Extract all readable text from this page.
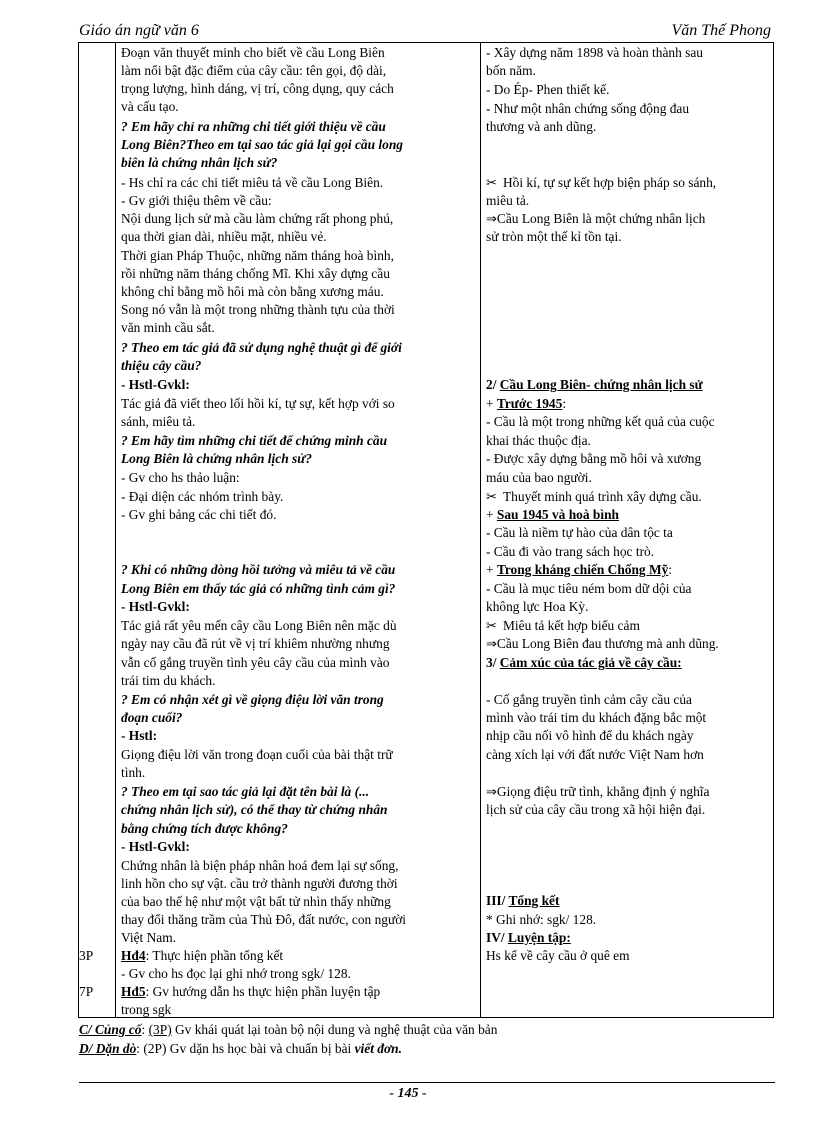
Giáo án ngữ văn 6	Văn Thế Phong
3P
7P
Đoạn văn thuyết minh cho biết về cầu Long Biên
làm nổi bật đặc điểm của cây cầu: tên gọi, độ dài,
trọng lượng, hình dáng, vị trí, công dụng, quy cách
và cấu tạo.
? Em hãy chỉ ra những chi tiết giới thiệu về cầu
Long Biên?Theo em tại sao tác giả lại gọi cầu long
biên là chứng nhân lịch sử?
- Hs chỉ ra các chi tiết miêu tả về cầu Long Biên.
- Gv giới thiệu thêm về cầu:
Nội dung lịch sử mà cầu làm chứng rất phong phú,
qua thời gian dài, nhiều mặt, nhiều vẻ.
Thời gian Pháp Thuộc, những năm tháng hoà bình,
rồi những năm tháng chống Mĩ. Khi xây dựng cầu
không chỉ bằng mồ hôi mà còn bằng xương máu.
Song nó vẫn là một trong những thành tựu của thời
văn minh cầu sắt.
? Theo em tác giả đã sử dụng nghệ thuật gì để giới
thiệu cây cầu?
- Hstl-Gvkl:
Tác giả đã viết theo lối hồi kí, tự sự, kết hợp với so
sánh, miêu tả.
? Em hãy tìm những chi tiết để chứng minh cầu
Long Biên là chứng nhân lịch sử?
- Gv cho hs thảo luận:
- Đại diện các nhóm trình bày.
- Gv ghi bảng các chi tiết đó.
? Khi có những dòng hồi tưởng và miêu tả về cầu
Long Biên em thấy tác giả có những tình cảm gì?
- Hstl-Gvkl:
Tác giả rất yêu mến cây cầu Long Biên nên mặc dù
ngày nay cầu đã rút về vị trí khiêm nhường nhưng
vẫn cố gắng truyền tình yêu cây cầu của mình vào
trái tim du khách.
? Em có nhận xét gì về giọng điệu lời văn trong
đoạn cuối?
- Hstl:
Giọng điệu lời văn trong đoạn cuối của bài thật trữ
tình.
? Theo em tại sao tác giả lại đặt tên bài là (...
chứng nhân lịch sử), có thể thay từ chứng nhân
bằng chứng tích được không?
- Hstl-Gvkl:
Chứng nhân là biện pháp nhân hoá đem lại sự sống,
linh hồn cho sự vật. cầu trở thành người đương thời
của bao thế hệ như một vật bất tử nhìn thấy những
thay đổi thăng trầm của Thủ Đô, đất nước, con người
Việt Nam.
Hđ4: Thực hiện phần tổng kết
- Gv cho hs đọc lại ghi nhớ trong sgk/ 128.
Hđ5: Gv hướng dẫn hs thực hiện phần luyện tập
trong sgk
- Xây dựng năm 1898 và hoàn thành sau
bốn năm.
- Do Ép- Phen thiết kế.
- Như một nhân chứng sống động đau
thương và anh dũng.
✂ Hồi kí, tự sự kết hợp biện pháp so sánh,
miêu tả.
⇒Cầu Long Biên là một chứng nhân lịch
sử tròn một thế kỉ tồn tại.
2/ Cầu Long Biên- chứng nhân lịch sử
+ Trước 1945:
- Cầu là một trong những kết quả của cuộc
khai thác thuộc địa.
- Được xây dựng bằng mồ hôi và xương
máu của bao người.
✂ Thuyết minh quá trình xây dựng cầu.
+ Sau 1945 và hoà bình
- Cầu là niềm tự hào của dân tộc ta
- Cầu đi vào trang sách học trò.
+ Trong kháng chiến Chống Mỹ:
- Cầu là mục tiêu ném bom dữ dội của
không lực Hoa Kỳ.
✂ Miêu tả kết hợp biểu cảm
⇒Cầu Long Biên đau thương mà anh dũng.
3/ Cảm xúc của tác giả về cây cầu:
- Cố gắng truyền tình cảm cây cầu của
mình vào trái tim du khách đặng bắc một
nhịp cầu nối vô hình để du khách ngày
càng xích lại với đất nước Việt Nam hơn
⇒Giọng điệu trữ tình, khẳng định ý nghĩa
lịch sử của cây cầu trong xã hội hiện đại.
III/ Tổng kết
* Ghi nhớ: sgk/ 128.
IV/ Luyện tập:
Hs kể về cây cầu ở quê em
C/ Củng cố: (3P) Gv khái quát lại toàn bộ nội dung và nghệ thuật của văn bản
D/ Dặn dò: (2P) Gv dặn hs học bài và chuẩn bị bài viết đơn.
- 145 -
